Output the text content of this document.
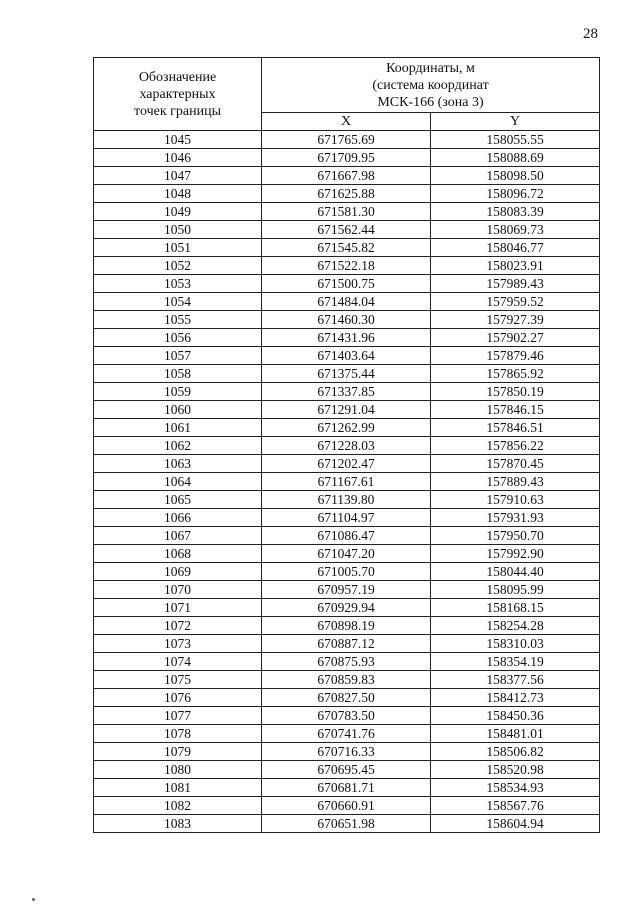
28
Обозначение
характерных
точек границы	Координаты, м
(система координат
МСК-166 (зона 3)	

	X	Y
1045	671765.69	158055.55
1046	671709.95	158088.69
1047	671667.98	158098.50
1048	671625.88	158096.72
1049	671581.30	158083.39
1050	671562.44	158069.73
1051	671545.82	158046.77
1052	671522.18	158023.91
1053	671500.75	157989.43
1054	671484.04	157959.52
1055	671460.30	157927.39
1056	671431.96	157902.27
1057	671403.64	157879.46
1058	671375.44	157865.92
1059	671337.85	157850.19
1060	671291.04	157846.15
1061	671262.99	157846.51
1062	671228.03	157856.22
1063	671202.47	157870.45
1064	671167.61	157889.43
1065	671139.80	157910.63
1066	671104.97	157931.93
1067	671086.47	157950.70
1068	671047.20	157992.90
1069	671005.70	158044.40
1070	670957.19	158095.99
1071	670929.94	158168.15
1072	670898.19	158254.28
1073	670887.12	158310.03
1074	670875.93	158354.19
1075	670859.83	158377.56
1076	670827.50	158412.73
1077	670783.50	158450.36
1078	670741.76	158481.01
1079	670716.33	158506.82
1080	670695.45	158520.98
1081	670681.71	158534.93
1082	670660.91	158567.76
1083	670651.98	158604.94
